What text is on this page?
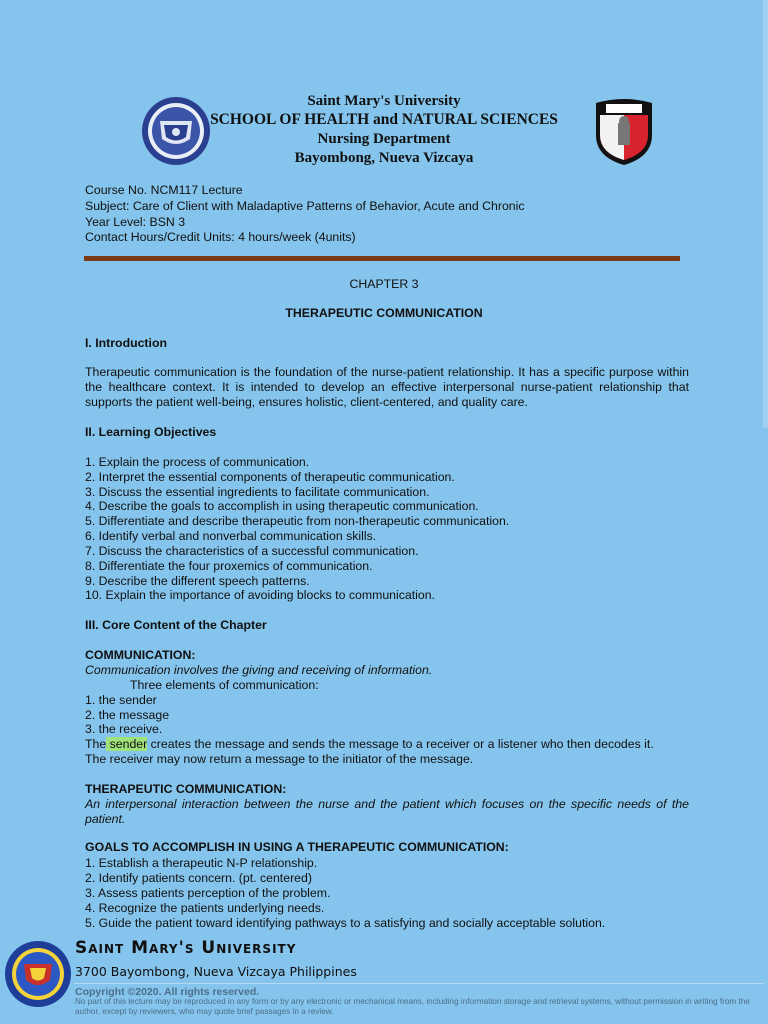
Saint Mary's University
SCHOOL OF HEALTH and NATURAL SCIENCES
Nursing Department
Bayombong, Nueva Vizcaya
Course No. NCM117 Lecture
Subject: Care of Client with Maladaptive Patterns of Behavior, Acute and Chronic
Year Level: BSN 3
Contact Hours/Credit Units: 4 hours/week (4units)
CHAPTER 3
THERAPEUTIC COMMUNICATION
I. Introduction
Therapeutic communication is the foundation of the nurse-patient relationship. It has a specific purpose within the healthcare context. It is intended to develop an effective interpersonal nurse-patient relationship that supports the patient well-being, ensures holistic, client-centered, and quality care.
II. Learning Objectives
1. Explain the process of communication.
2. Interpret the essential components of therapeutic communication.
3. Discuss the essential ingredients to facilitate communication.
4. Describe the goals to accomplish in using therapeutic communication.
5. Differentiate and describe therapeutic from non-therapeutic communication.
6. Identify verbal and nonverbal communication skills.
7. Discuss the characteristics of a successful communication.
8. Differentiate the four proxemics of communication.
9. Describe the different speech patterns.
10. Explain the importance of avoiding blocks to communication.
III. Core Content of the Chapter
COMMUNICATION:
Communication involves the giving and receiving of information.
Three elements of communication:
1. the sender
2. the message
3. the receive.
The sender creates the message and sends the message to a receiver or a listener who then decodes it.
The receiver may now return a message to the initiator of the message.
THERAPEUTIC COMMUNICATION:
An interpersonal interaction between the nurse and the patient which focuses on the specific needs of the patient.
GOALS TO ACCOMPLISH IN USING A THERAPEUTIC COMMUNICATION:
1. Establish a therapeutic N-P relationship.
2. Identify patients concern. (pt. centered)
3. Assess patients perception of the problem.
4. Recognize the patients underlying needs.
5. Guide the patient toward identifying pathways to a satisfying and socially acceptable solution.
Saint Mary's University
3700 Bayombong, Nueva Vizcaya Philippines
Copyright ©2020. All rights reserved.
No part of this lecture may be reproduced in any form or by any electronic or mechanical means, including information storage and retrieval systems, without permission in writing from the author, except by reviewers, who may quote brief passages in a review.
